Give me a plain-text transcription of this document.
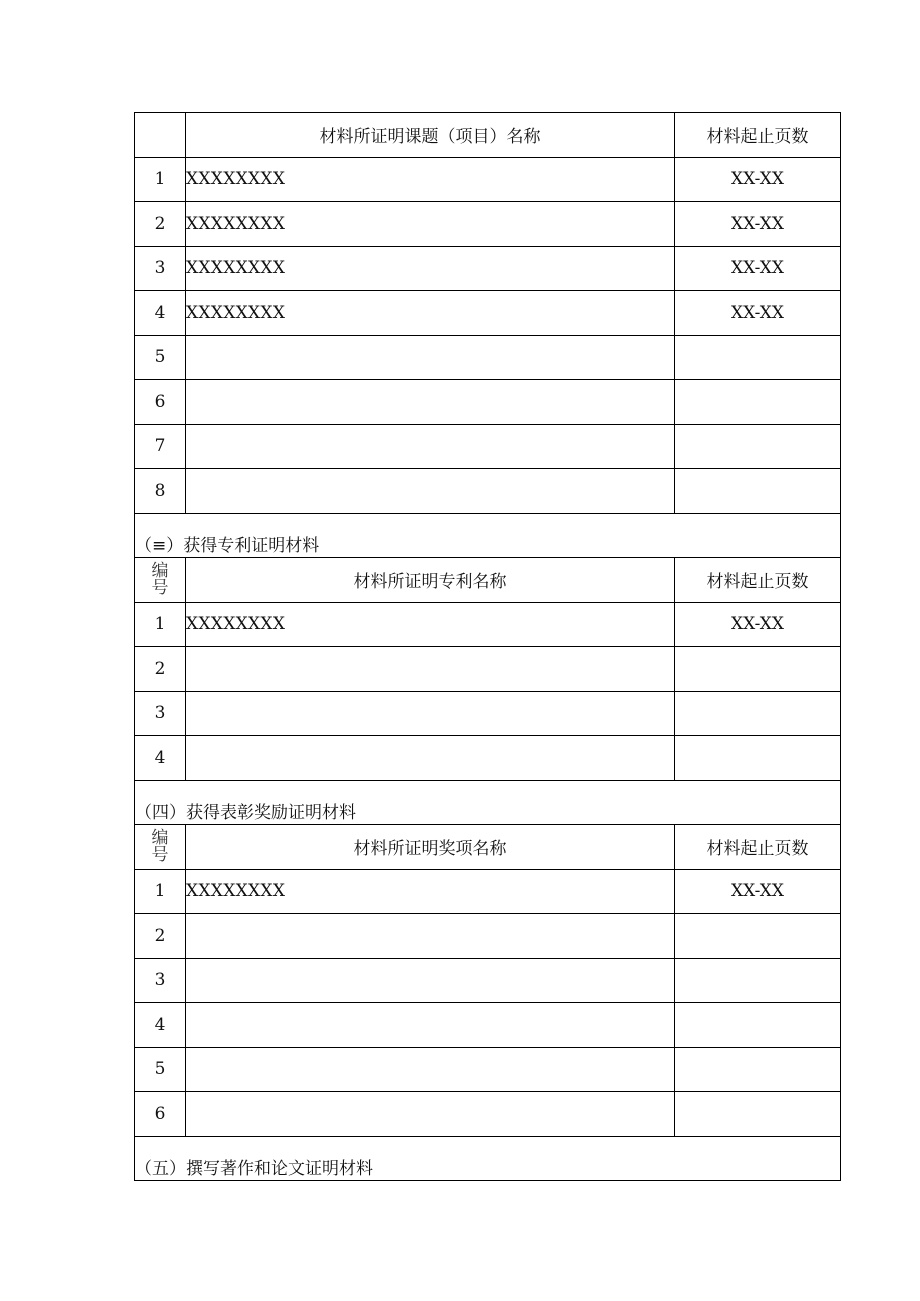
	材料所证明课题（项目）名称	材料起止页数
1	XXXXXXXX	XX-XX
2	XXXXXXXX	XX-XX
3	XXXXXXXX	XX-XX
4	XXXXXXXX	XX-XX
5		
6		
7		
8		
（≡）获得专利证明材料		

编
号	材料所证明专利名称	材料起止页数
1	XXXXXXXX	XX-XX
2		
3		
4		
（四）获得表彰奖励证明材料		

编
号	材料所证明奖项名称	材料起止页数
1	XXXXXXXX	XX-XX
2		
3		
4		
5		
6		
（五）撰写著作和论文证明材料		
